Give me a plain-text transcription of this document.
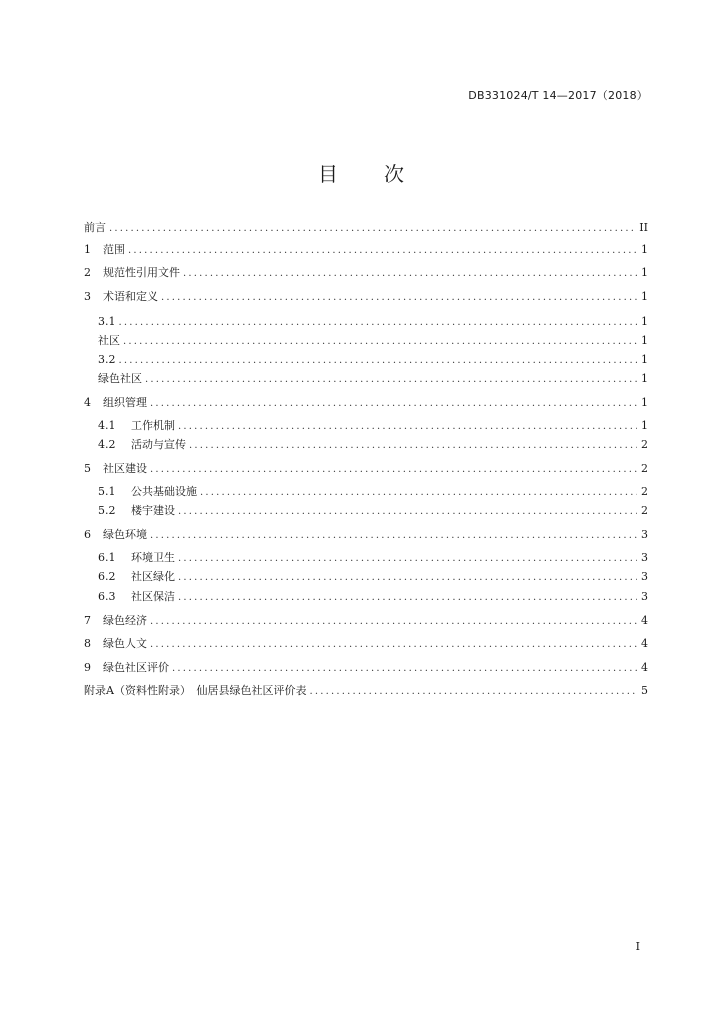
DB331024/T 14—2017（2018）
目　　次
前言 .....	II
1	范围 .....	1
2	规范性引用文件 .....	1
3	术语和定义 .....	1
3.1 .....	1
社区 .....	1
3.2 .....	1
绿色社区 .....	1
4	组织管理 .....	1
4.1	工作机制 .....	1
4.2	活动与宣传 .....	2
5	社区建设 .....	2
5.1	公共基础设施 .....	2
5.2	楼宇建设 .....	2
6	绿色环境 .....	3
6.1	环境卫生 .....	3
6.2	社区绿化 .....	3
6.3	社区保洁 .....	3
7	绿色经济 .....	4
8	绿色人文 .....	4
9	绿色社区评价 .....	4
附录A（资料性附录）　仙居县绿色社区评价表 .....	5
I
